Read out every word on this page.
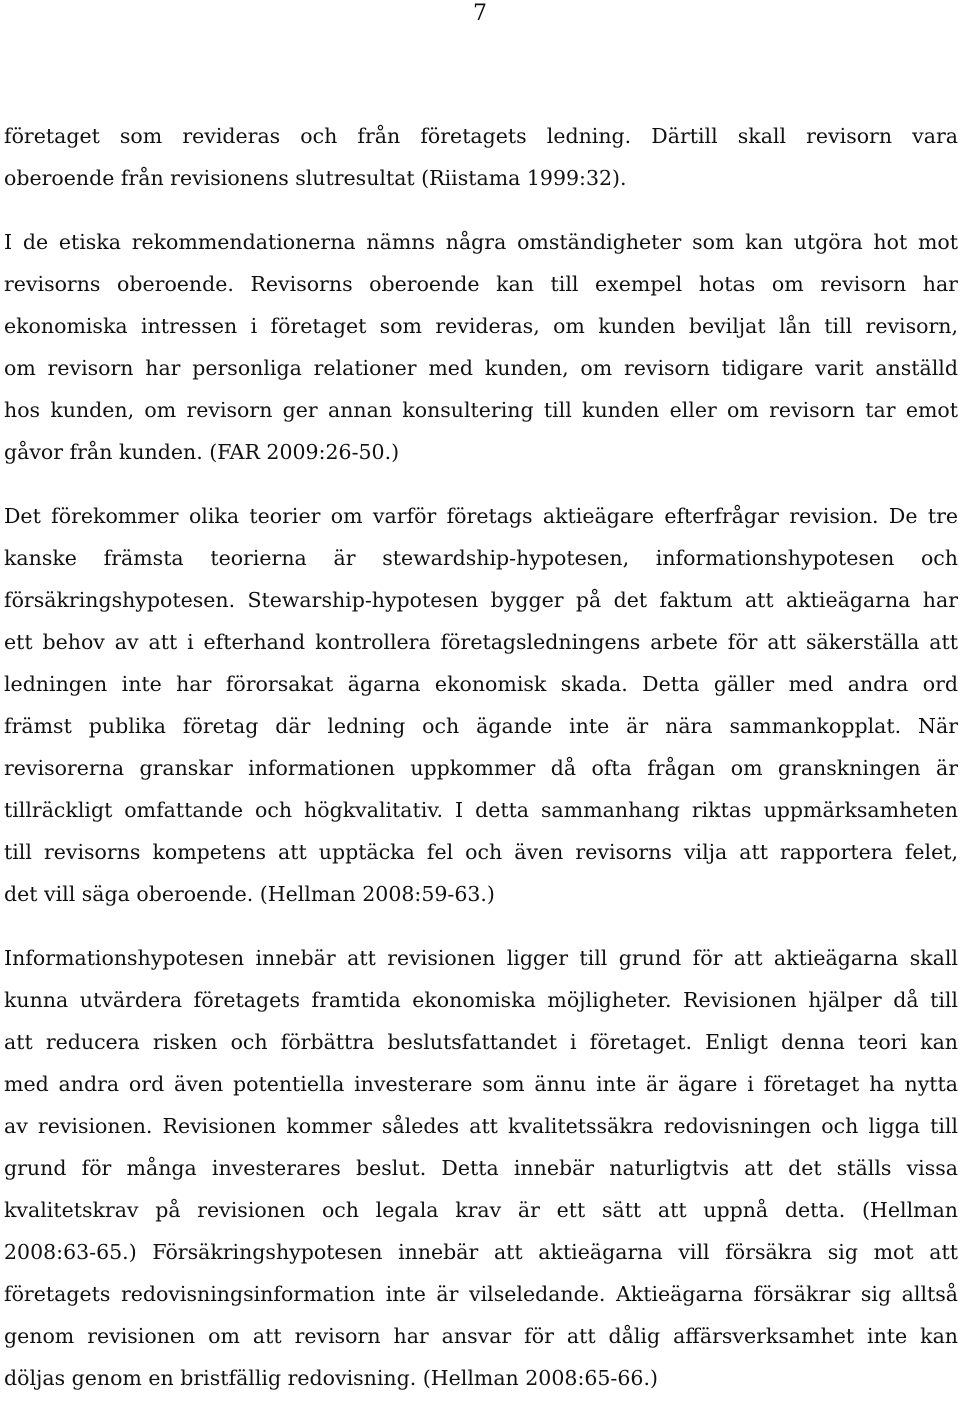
7
företaget som revideras och från företagets ledning. Därtill skall revisorn vara
oberoende från revisionens slutresultat (Riistama 1999:32).
I de etiska rekommendationerna nämns några omständigheter som kan utgöra hot mot
revisorns oberoende. Revisorns oberoende kan till exempel hotas om revisorn har
ekonomiska intressen i företaget som revideras, om kunden beviljat lån till revisorn,
om revisorn har personliga relationer med kunden, om revisorn tidigare varit anställd
hos kunden, om revisorn ger annan konsultering till kunden eller om revisorn tar emot
gåvor från kunden. (FAR 2009:26-50.)
Det förekommer olika teorier om varför företags aktieägare efterfrågar revision. De tre
kanske främsta teorierna är stewardship-hypotesen, informationshypotesen och
försäkringshypotesen. Stewarship-hypotesen bygger på det faktum att aktieägarna har
ett behov av att i efterhand kontrollera företagsledningens arbete för att säkerställa att
ledningen inte har förorsakat ägarna ekonomisk skada. Detta gäller med andra ord
främst publika företag där ledning och ägande inte är nära sammankopplat. När
revisorerna granskar informationen uppkommer då ofta frågan om granskningen är
tillräckligt omfattande och högkvalitativ. I detta sammanhang riktas uppmärksamheten
till revisorns kompetens att upptäcka fel och även revisorns vilja att rapportera felet,
det vill säga oberoende. (Hellman 2008:59-63.)
Informationshypotesen innebär att revisionen ligger till grund för att aktieägarna skall
kunna utvärdera företagets framtida ekonomiska möjligheter. Revisionen hjälper då till
att reducera risken och förbättra beslutsfattandet i företaget. Enligt denna teori kan
med andra ord även potentiella investerare som ännu inte är ägare i företaget ha nytta
av revisionen. Revisionen kommer således att kvalitetssäkra redovisningen och ligga till
grund för många investerares beslut. Detta innebär naturligtvis att det ställs vissa
kvalitetskrav på revisionen och legala krav är ett sätt att uppnå detta. (Hellman
2008:63-65.) Försäkringshypotesen innebär att aktieägarna vill försäkra sig mot att
företagets redovisningsinformation inte är vilseledande. Aktieägarna försäkrar sig alltså
genom revisionen om att revisorn har ansvar för att dålig affärsverksamhet inte kan
döljas genom en bristfällig redovisning. (Hellman 2008:65-66.)
